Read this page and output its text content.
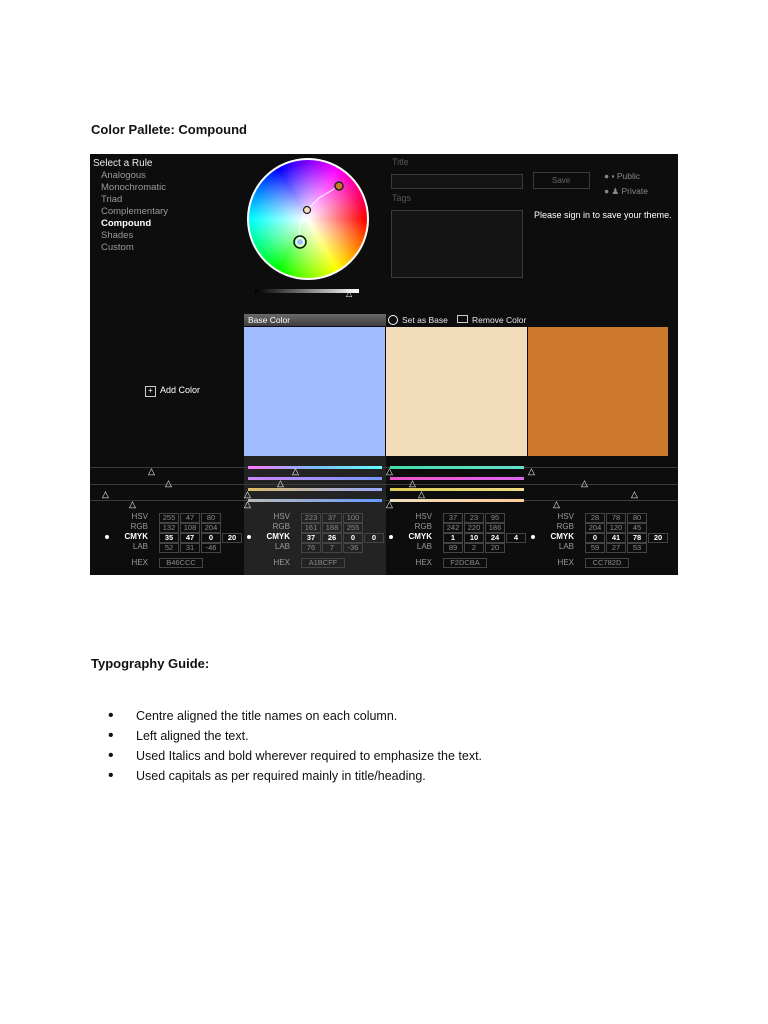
Color Pallete: Compound
Select a Rule
Analogous
Monochromatic
Triad
Complementary
Compound
Shades
Custom
△
Title
Tags
Save	● ▪ Public
● ♟ Private
Please sign in to save your theme.
+ Add Color
Base Color	Set as Base	Remove Color
△
△
△
△
△
△
△
△
△
△
△
△
△
△
△
△
HSV	255	47	80
RGB	132	108	204
CMYK	35	47	0	20
LAB	52	31	-46
HEX	B46CCC
HSV	223	37	100
RGB	161	188	255
CMYK	37	26	0	0
LAB	76	7	-36
HEX	A1BCFF
HSV	37	23	95
RGB	242	220	186
CMYK	1	10	24	4
LAB	89	2	20
HEX	F2DCBA
HSV	28	78	80
RGB	204	120	45
CMYK	0	41	78	20
LAB	59	27	53
HEX	CC782D
Typography Guide:
• Centre aligned the title names on each column.
• Left aligned the text.
• Used Italics and bold wherever required to emphasize the text.
• Used capitals as per required mainly in title/heading.
